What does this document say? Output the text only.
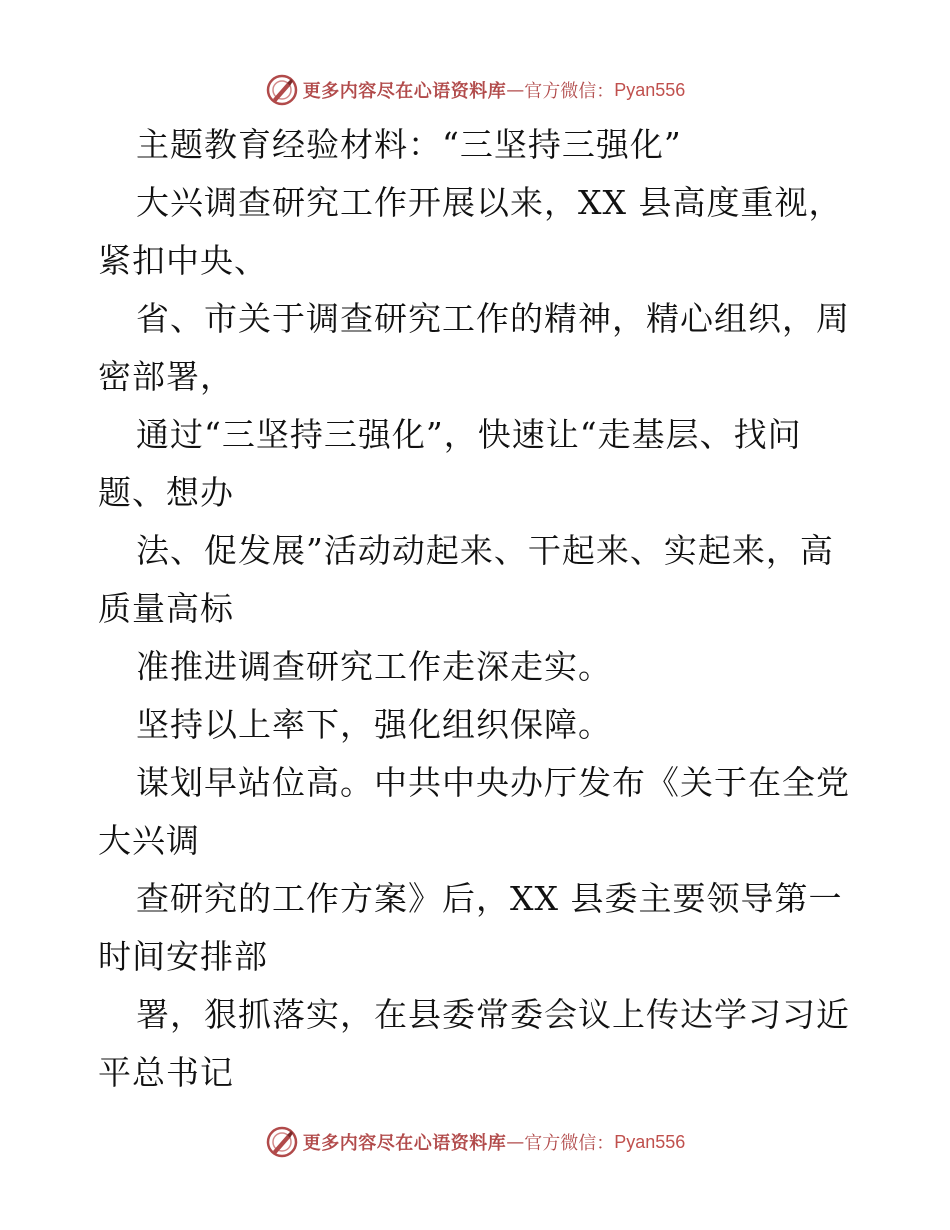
更多内容尽在心语资料库 — 官方微信： Pyan556
主题教育经验材料：“三坚持三强化”
大兴调查研究工作开展以来，XX 县高度重视，
紧扣中央、
省、市关于调查研究工作的精神，精心组织，周
密部署，
通过“三坚持三强化”，快速让“走基层、找问
题、想办
法、促发展”活动动起来、干起来、实起来，高
质量高标
准推进调查研究工作走深走实。
坚持以上率下，强化组织保障。
谋划早站位高。中共中央办厅发布《关于在全党
大兴调
查研究的工作方案》后，XX 县委主要领导第一
时间安排部
署，狠抓落实，在县委常委会议上传达学习习近
平总书记
更多内容尽在心语资料库 — 官方微信： Pyan556
